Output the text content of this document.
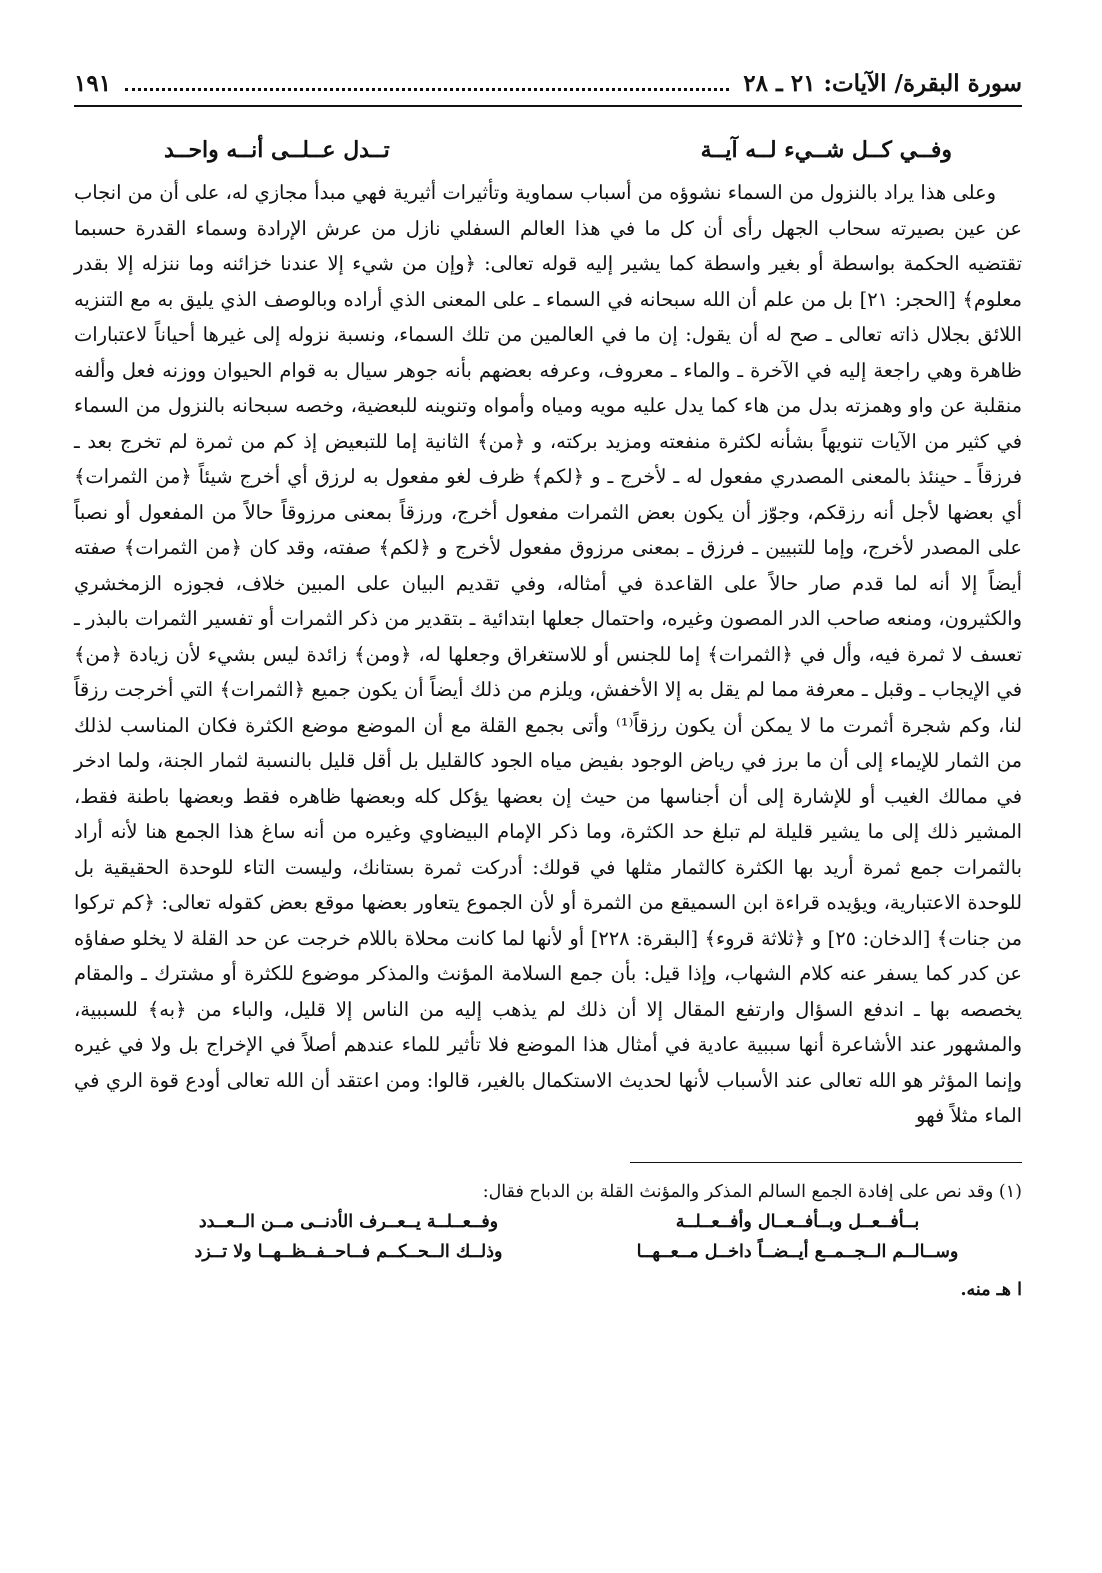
سورة البقرة/ الآيات: ٢١ ـ ٢٨
١٩١
وفــي كــل شــيء لــه آيــة
تــدل عــلــى أنــه واحــد

وعلى هذا يراد بالنزول من السماء نشوؤه من أسباب سماوية وتأثيرات أثيرية فهي مبدأ مجازي له، على أن من انجاب عن عين بصيرته سحاب الجهل رأى أن كل ما في هذا العالم السفلي نازل من عرش الإرادة وسماء القدرة حسبما تقتضيه الحكمة بواسطة أو بغير واسطة كما يشير إليه قوله تعالى: ﴿وإن من شيء إلا عندنا خزائنه وما ننزله إلا بقدر معلوم﴾ [الحجر: ٢١] بل من علم أن الله سبحانه في السماء ـ على المعنى الذي أراده وبالوصف الذي يليق به مع التنزيه اللائق بجلال ذاته تعالى ـ صح له أن يقول: إن ما في العالمين من تلك السماء، ونسبة نزوله إلى غيرها أحياناً لاعتبارات ظاهرة وهي راجعة إليه في الآخرة ـ والماء ـ معروف، وعرفه بعضهم بأنه جوهر سيال به قوام الحيوان ووزنه فعل وألفه منقلبة عن واو وهمزته بدل من هاء كما يدل عليه مويه ومياه وأمواه وتنوينه للبعضية، وخصه سبحانه بالنزول من السماء في كثير من الآيات تنويهاً بشأنه لكثرة منفعته ومزيد بركته، و ﴿من﴾ الثانية إما للتبعيض إذ كم من ثمرة لم تخرج بعد ـ فرزقاً ـ حينئذ بالمعنى المصدري مفعول له ـ لأخرج ـ و ﴿لكم﴾ ظرف لغو مفعول به لرزق أي أخرج شيئاً ﴿من الثمرات﴾ أي بعضها لأجل أنه رزقكم، وجوّز أن يكون بعض الثمرات مفعول أخرج، ورزقاً بمعنى مرزوقاً حالاً من المفعول أو نصباً على المصدر لأخرج، وإما للتبيين ـ فرزق ـ بمعنى مرزوق مفعول لأخرج و ﴿لكم﴾ صفته، وقد كان ﴿من الثمرات﴾ صفته أيضاً إلا أنه لما قدم صار حالاً على القاعدة في أمثاله، وفي تقديم البيان على المبين خلاف، فجوزه الزمخشري والكثيرون، ومنعه صاحب الدر المصون وغيره، واحتمال جعلها ابتدائية ـ بتقدير من ذكر الثمرات أو تفسير الثمرات بالبذر ـ تعسف لا ثمرة فيه، وأل في ﴿الثمرات﴾ إما للجنس أو للاستغراق وجعلها له، ﴿ومن﴾ زائدة ليس بشيء لأن زيادة ﴿من﴾ في الإيجاب ـ وقبل ـ معرفة مما لم يقل به إلا الأخفش، ويلزم من ذلك أيضاً أن يكون جميع ﴿الثمرات﴾ التي أخرجت رزقاً لنا، وكم شجرة أثمرت ما لا يمكن أن يكون رزقاً⁽¹⁾ وأتى بجمع القلة مع أن الموضع موضع الكثرة فكان المناسب لذلك من الثمار للإيماء إلى أن ما برز في رياض الوجود بفيض مياه الجود كالقليل بل أقل قليل بالنسبة لثمار الجنة، ولما ادخر في ممالك الغيب أو للإشارة إلى أن أجناسها من حيث إن بعضها يؤكل كله وبعضها ظاهره فقط وبعضها باطنة فقط، المشير ذلك إلى ما يشير قليلة لم تبلغ حد الكثرة، وما ذكر الإمام البيضاوي وغيره من أنه ساغ هذا الجمع هنا لأنه أراد بالثمرات جمع ثمرة أريد بها الكثرة كالثمار مثلها في قولك: أدركت ثمرة بستانك، وليست التاء للوحدة الحقيقية بل للوحدة الاعتبارية، ويؤيده قراءة ابن السميقع من الثمرة أو لأن الجموع يتعاور بعضها موقع بعض كقوله تعالى: ﴿كم تركوا من جنات﴾ [الدخان: ٢٥] و ﴿ثلاثة قروء﴾ [البقرة: ٢٢٨] أو لأنها لما كانت محلاة باللام خرجت عن حد القلة لا يخلو صفاؤه عن كدر كما يسفر عنه كلام الشهاب، وإذا قيل: بأن جمع السلامة المؤنث والمذكر موضوع للكثرة أو مشترك ـ والمقام يخصصه بها ـ اندفع السؤال وارتفع المقال إلا أن ذلك لم يذهب إليه من الناس إلا قليل، والباء من ﴿به﴾ للسببية، والمشهور عند الأشاعرة أنها سببية عادية في أمثال هذا الموضع فلا تأثير للماء عندهم أصلاً في الإخراج بل ولا في غيره وإنما المؤثر هو الله تعالى عند الأسباب لأنها لحديث الاستكمال بالغير، قالوا: ومن اعتقد أن الله تعالى أودع قوة الري في الماء مثلاً فهو

(١) وقد نص على إفادة الجمع السالم المذكر والمؤنث القلة بن الدباح فقال:
بــأفــعــل وبــأفــعــال وأفــعــلــة
وفــعــلــة يــعــرف الأدنــى مــن الــعــدد
وســالــم الــجــمــع أيــضــاً داخــل مــعــهــا
وذلــك الــحــكــم فــاحــفــظــهــا ولا تــزد
ا هـ منه.
